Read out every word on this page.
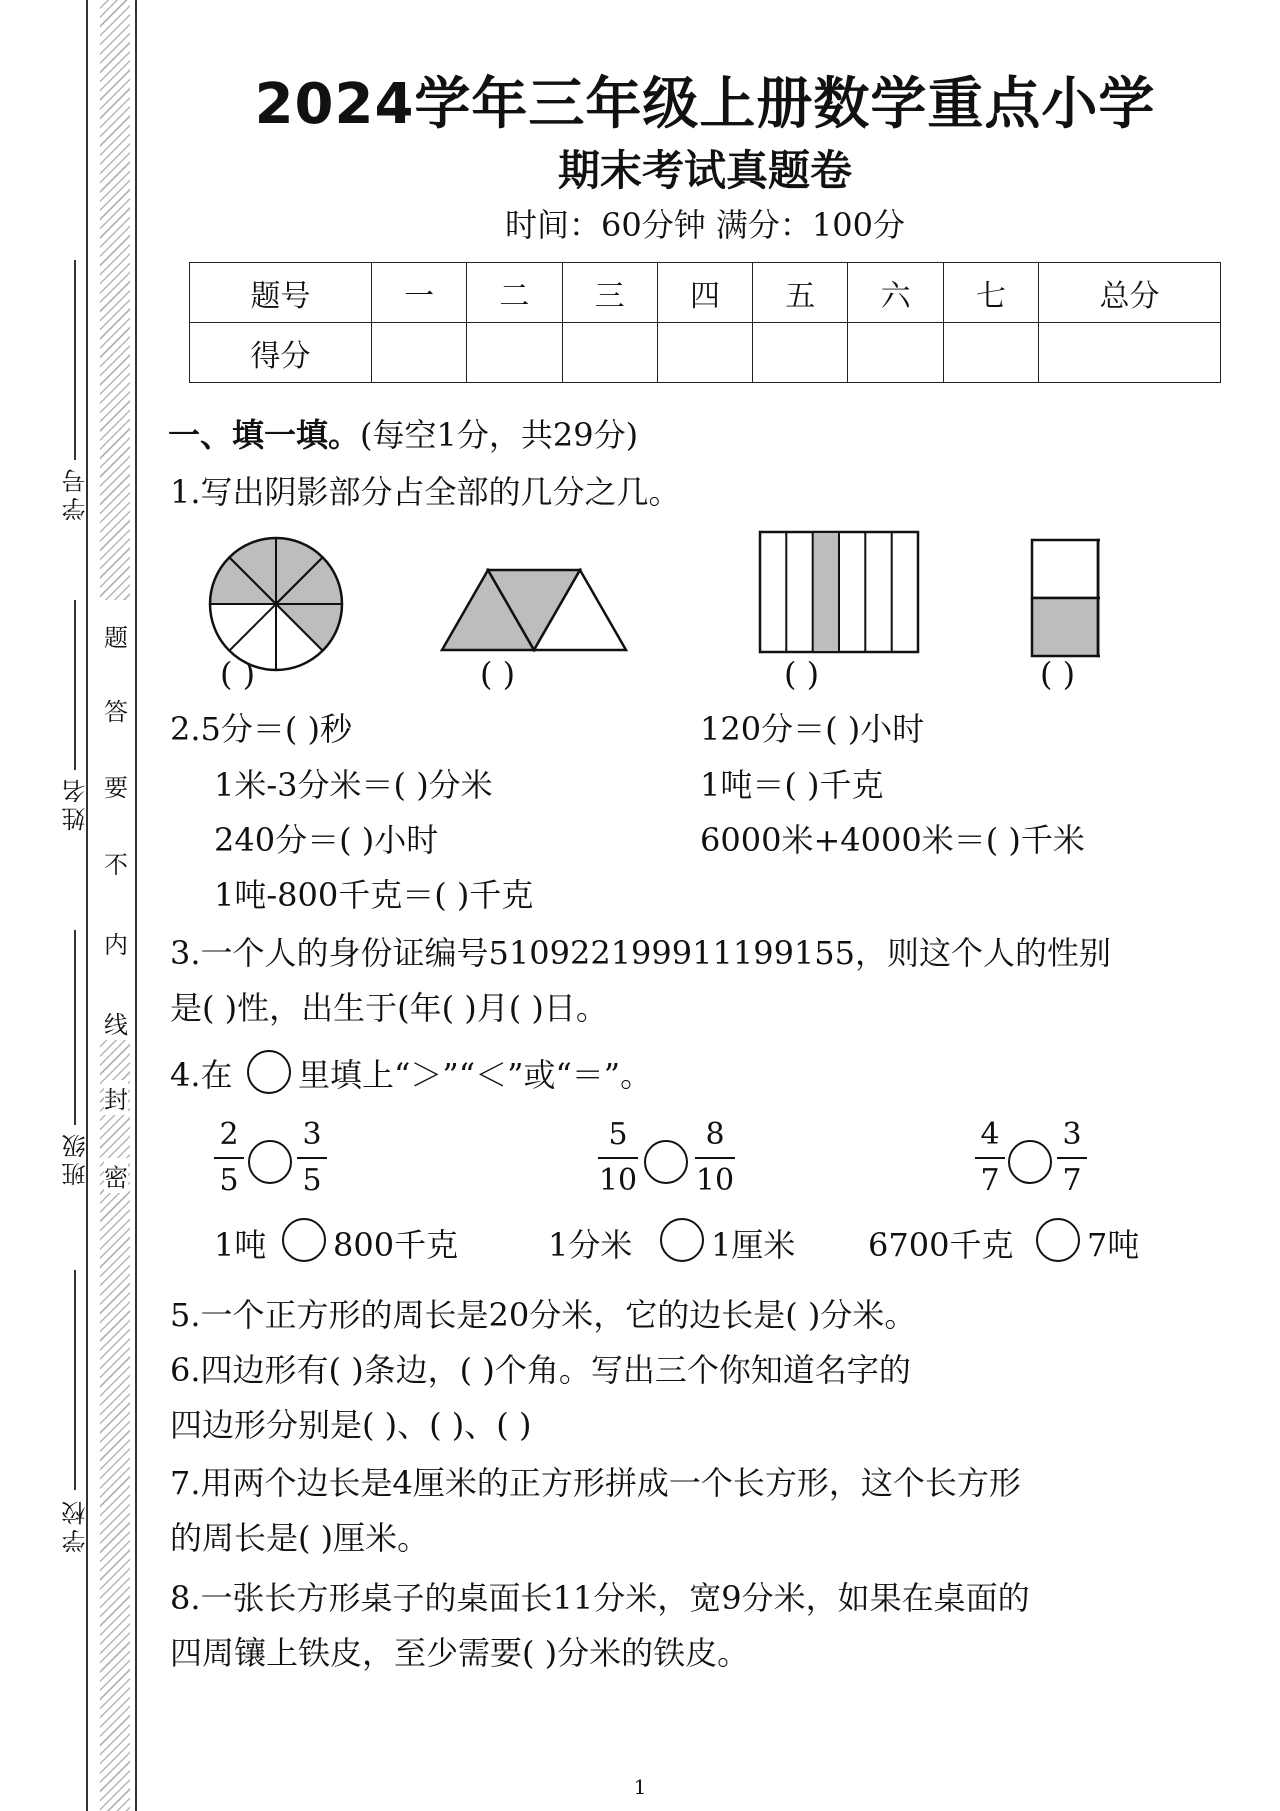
题
答
要
不
内
线
封
密
学号
姓名
班级
学校
2024学年三年级上册数学重点小学
期末考试真题卷
时间：60分钟 满分：100分
题号	一	二	三	四	五	六	七	总分
得分								
一、填一填。(每空1分，共29分)
1.写出阴影部分占全部的几分之几。
( )	( )	( )	( )
2.5分＝( )秒	120分＝( )小时
1米-3分米＝( )分米	1吨＝( )千克
240分＝( )小时	6000米+4000米＝( )千米
1吨-800千克＝( )千克
3.一个人的身份证编号510922199911199155，则这个人的性别
是( )性，出生于(年( )月( )日。
4.在 里填上“＞”“＜”或“＝”。
2
5
3
5
5
10
8
10
4
7
3
7
1吨 800千克	1分米 1厘米 6700千克 7吨
5.一个正方形的周长是20分米，它的边长是( )分米。
6.四边形有( )条边，( )个角。写出三个你知道名字的
四边形分别是( )、( )、( )
7.用两个边长是4厘米的正方形拼成一个长方形，这个长方形
的周长是( )厘米。
8.一张长方形桌子的桌面长11分米，宽9分米，如果在桌面的
四周镶上铁皮，至少需要( )分米的铁皮。
1
